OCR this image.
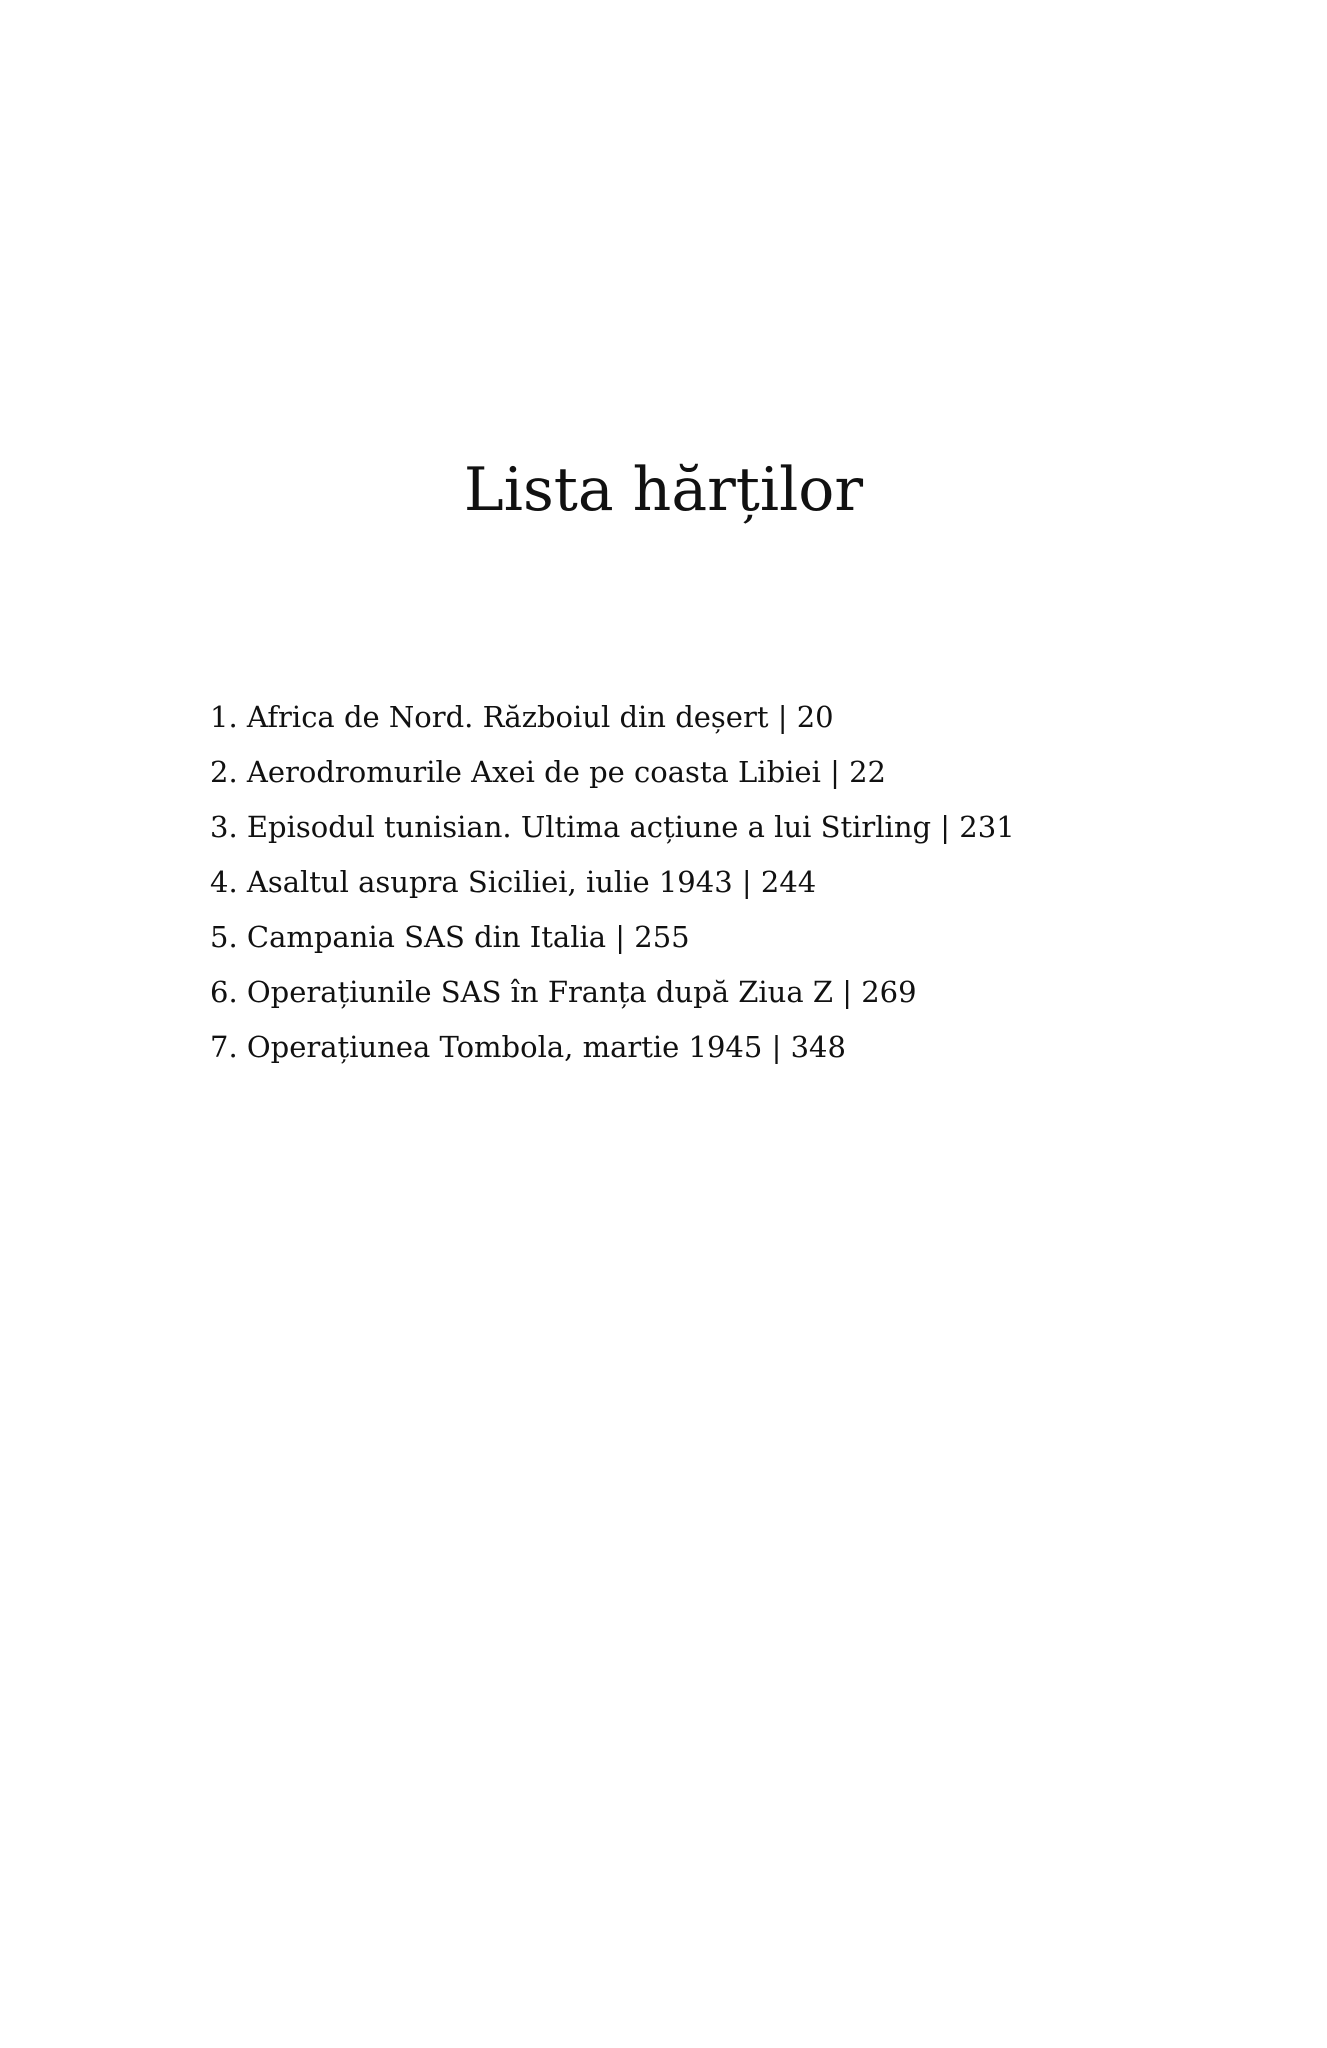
Lista hărților
1. Africa de Nord. Războiul din deșert | 20
2. Aerodromurile Axei de pe coasta Libiei | 22
3. Episodul tunisian. Ultima acțiune a lui Stirling | 231
4. Asaltul asupra Siciliei, iulie 1943 | 244
5. Campania SAS din Italia | 255
6. Operațiunile SAS în Franța după Ziua Z | 269
7. Operațiunea Tombola, martie 1945 | 348
